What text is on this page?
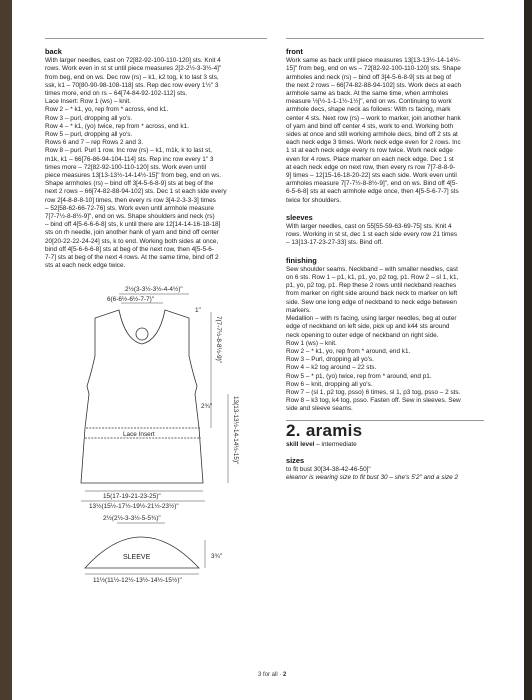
back
With larger needles, cast on 72[82-92-100-110-120] sts. Knit 4
rows. Work even in st st until piece measures 2[2-2½-3-3½-4]"
from beg, end on ws. Dec row (rs) – k1, k2 tog, k to last 3 sts,
ssk, k1 – 70[80-90-98-108-118] sts. Rep dec row every 1½" 3
times more, end on rs – 64[74-84-92-102-112] sts.
Lace Insert: Row 1 (ws) – knit.
Row 2 – * k1, yo, rep from * across, end k1.
Row 3 – purl, dropping all yo's.
Row 4 – * k1, (yo) twice, rep from * across, end k1.
Row 5 – purl, dropping all yo's.
Rows 6 and 7 – rep Rows 2 and 3.
Row 8 – purl. Purl 1 row. Inc row (rs) – k1, m1k, k to last st,
m1k, k1 – 66[76-86-94-104-114] sts. Rep inc row every 1" 3
times more – 72[82-92-100-110-120] sts. Work even until
piece measures 13[13-13½-14-14½-15]" from beg, end on ws.
Shape armholes (rs) – bind off 3[4-5-6-8-9] sts at beg of the
next 2 rows – 66[74-82-88-94-102] sts. Dec 1 st each side every
row 2[4-8-8-8-10] times, then every rs row 3[4-2-3-3-3] times
– 52[58-62-66-72-76] sts. Work even until armhole measure
7[7-7½-8-8½-9]", end on ws. Shape shoulders and neck (rs)
– bind off 4[5-6-6-6-8] sts, k until there are 12[14-14-16-18-18]
sts on rh needle, join another hank of yarn and bind off center
20[20-22-22-24-24] sts, k to end. Working both sides at once,
bind off 4[5-6-6-6-8] sts at beg of the next row, then 4[5-5-6-
7-7] sts at beg of the next 4 rows. At the same time, bind off 2
sts at each neck edge twice.
2½(3-3½-3½-4-4½)"
6(6-6½-6½-7-7)"
1"
7(7-7½-8-8½-9)"
2¾"	13(13-13½-14-14½-15)"
Lace Insert
15(17-19-21-23-25)"
13½(15½-17½-19½-21½-23½)"
2½(2½-3-3½-5-5¾)"
SLEEVE	3¾"
11½(11½-12½-13½-14½-15½)"
front
Work same as back until piece measures 13[13-13½-14-14½-
15]" from beg, end on ws – 72[82-92-100-110-120] sts. Shape
armholes and neck (rs) – bind off 3[4-5-6-8-9] sts at beg of
the next 2 rows – 66[74-82-88-94-102] sts. Work decs at each
armhole same as back. At the same time, when armholes
measure ½[½-1-1-1½-1½]", end on ws. Continuing to work
armhole decs, shape neck as follows: With rs facing, mark
center 4 sts. Next row (rs) – work to marker, join another hank
of yarn and bind off center 4 sts, work to end. Working both
sides at once and still working armhole decs, bind off 2 sts at
each neck edge 3 times. Work neck edge even for 2 rows. Inc
1 st at each neck edge every rs row twice. Work neck edge
even for 4 rows. Place marker on each neck edge. Dec 1 st
at each neck edge on next row, then every rs row 7[7-8-8-9-
9] times – 12[15-16-18-20-22] sts each side. Work even until
armholes measure 7[7-7½-8-8½-9]", end on ws. Bind off 4[5-
6-5-6-8] sts at each armhole edge once, then 4[5-5-6-7-7] sts
twice for shoulders.
sleeves
With larger needles, cast on 55[55-59-63-69-75] sts. Knit 4
rows. Working in st st, dec 1 st each side every row 21 times
– 13[13-17-23-27-33] sts. Bind off.
finishing
Sew shoulder seams. Neckband – with smaller needles, cast
on 6 sts. Row 1 – p1, k1, p1, yo, p2 tog, p1. Row 2 – sl 1, k1,
p1, yo, p2 tog, p1. Rep these 2 rows until neckband reaches
from marker on right side around back neck to marker on left
side. Sew one long edge of neckband to neck edge between
markers.
Medallion – with rs facing, using larger needles, beg at outer
edge of neckband on left side, pick up and k44 sts around
neck opening to outer edge of neckband on right side.
Row 1 (ws) – knit.
Row 2 – * k1, yo, rep from * around, end k1.
Row 3 – Purl, dropping all yo's.
Row 4 – k2 tog around – 22 sts.
Row 5 – * p1, (yo) twice, rep from * around, end p1.
Row 6 – knit, dropping all yo's.
Row 7 – (sl 1, p2 tog, psso) 6 times, sl 1, p3 tog, psso – 2 sts.
Row 8 – k3 tog, k4 tog, psso. Fasten off. Sew in sleeves. Sew
side and sleeve seams.
2. aramis
skill level – intermediate
sizes
to fit bust 30[34-38-42-46-50]"
eleanor is wearing size to fit bust 30 – she's 5'2" and a size 2
3 for all · 2
